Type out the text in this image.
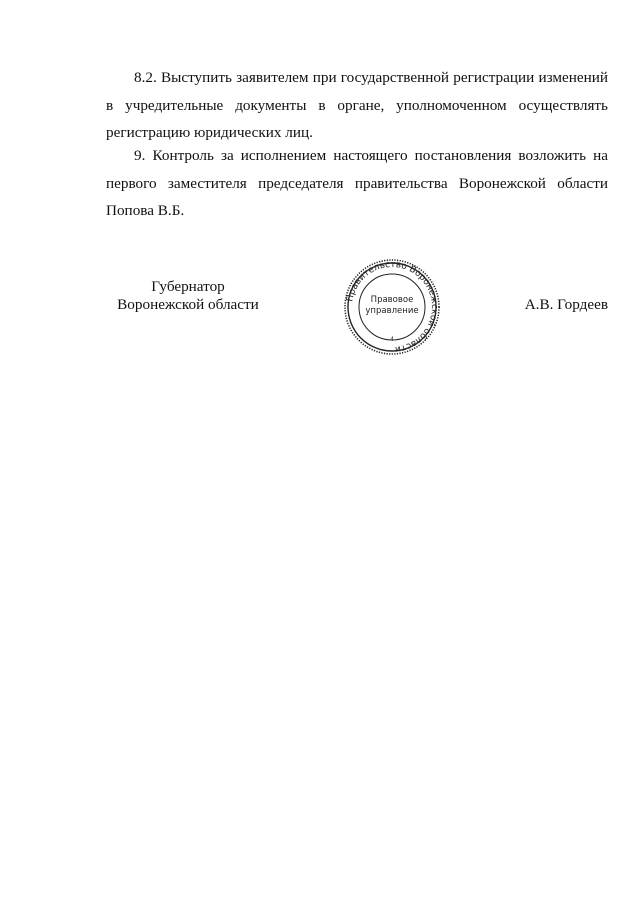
8.2. Выступить заявителем при государственной регистрации изменений в учредительные документы в органе, уполномоченном осуществлять регистрацию юридических лиц.
9. Контроль за исполнением настоящего постановления возложить на первого заместителя председателя правительства Воронежской области Попова В.Б.
Губернатор
Воронежской области	Правительство Воронежской области
Правовое
управление
4
А.В. Гордеев
